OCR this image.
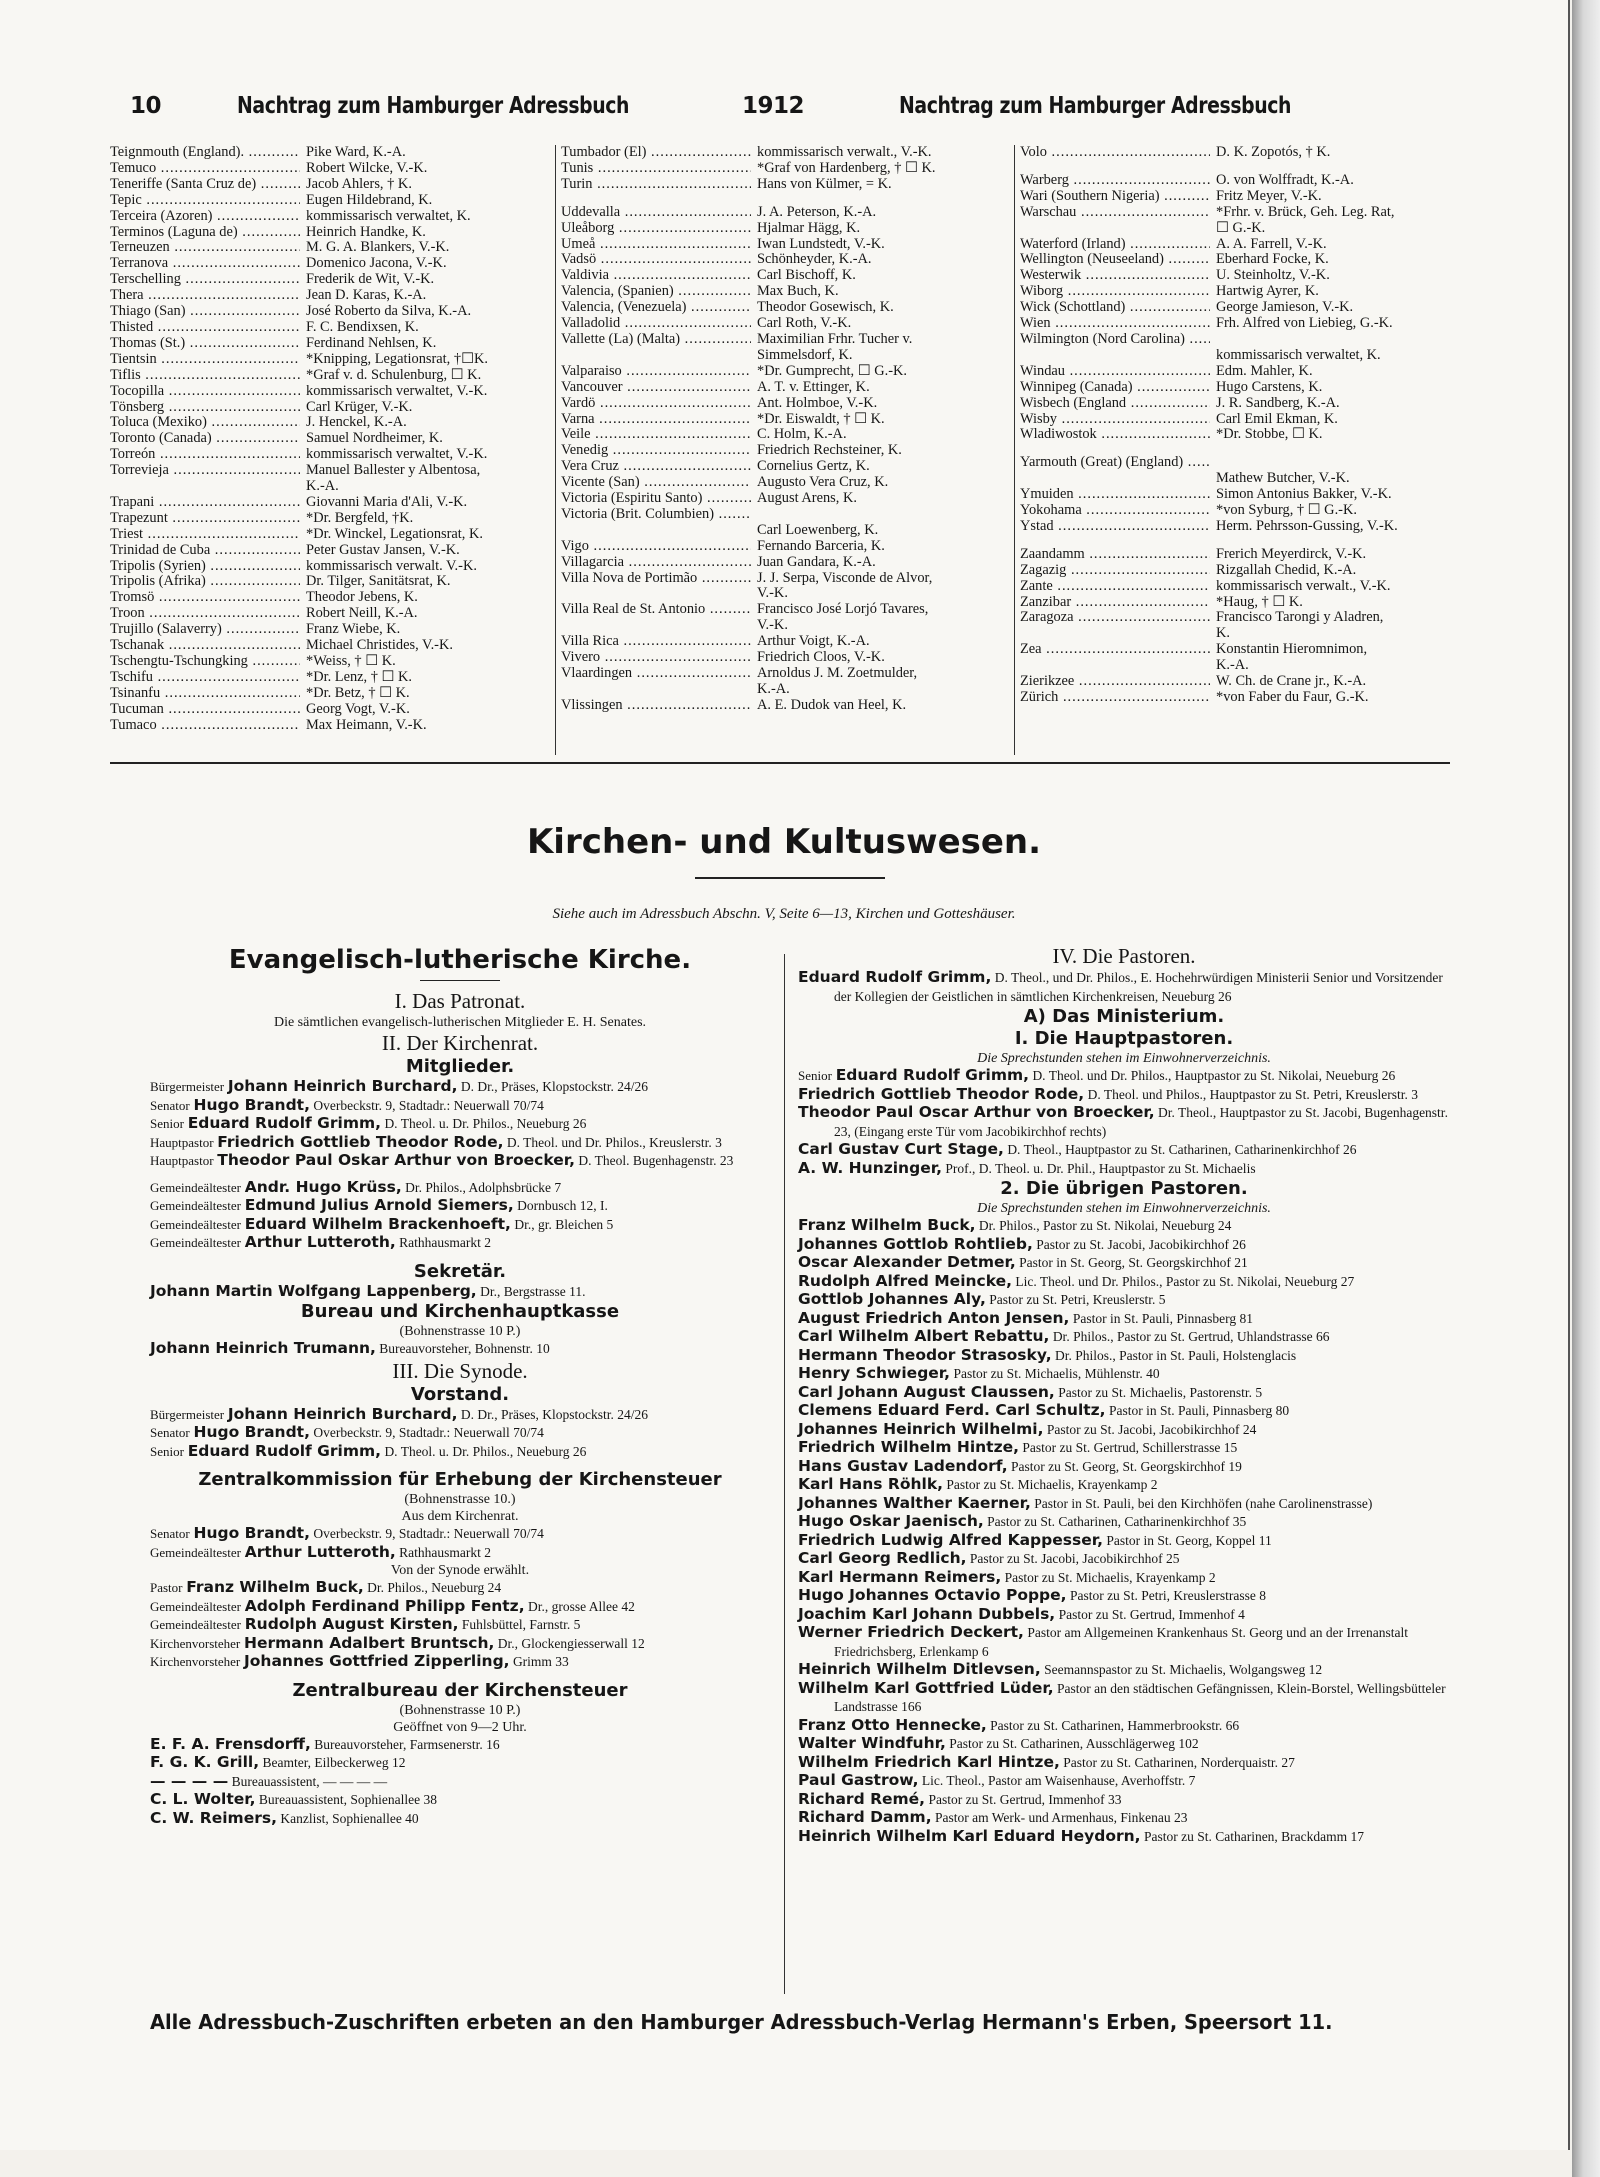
10	Nachtrag zum Hamburger Adressbuch	1912	Nachtrag zum Hamburger Adressbuch
Teignmouth (England). .....	Pike Ward, K.-A.
Temuco .....	Robert Wilcke, V.-K.
Teneriffe (Santa Cruz de) .....	Jacob Ahlers, † K.
Tepic .....	Eugen Hildebrand, K.
Terceira (Azoren) .....	kommissarisch verwaltet, K.
Terminos (Laguna de) .....	Heinrich Handke, K.
Terneuzen .....	M. G. A. Blankers, V.-K.
Terranova .....	Domenico Jacona, V.-K.
Terschelling .....	Frederik de Wit, V.-K.
Thera .....	Jean D. Karas, K.-A.
Thiago (San) .....	José Roberto da Silva, K.-A.
Thisted .....	F. C. Bendixsen, K.
Thomas (St.) .....	Ferdinand Nehlsen, K.
Tientsin .....	*Knipping, Legationsrat, †☐K.
Tiflis .....	*Graf v. d. Schulenburg, ☐ K.
Tocopilla .....	kommissarisch verwaltet, V.-K.
Tönsberg .....	Carl Krüger, V.-K.
Toluca (Mexiko) .....	J. Henckel, K.-A.
Toronto (Canada) .....	Samuel Nordheimer, K.
Torreón .....	kommissarisch verwaltet, V.-K.
Torrevieja .....	Manuel Ballester y Albentosa,
K.-A.
Trapani .....	Giovanni Maria d'Ali, V.-K.
Trapezunt .....	*Dr. Bergfeld, †K.
Triest .....	*Dr. Winckel, Legationsrat, K.
Trinidad de Cuba .....	Peter Gustav Jansen, V.-K.
Tripolis (Syrien) .....	kommissarisch verwalt. V.-K.
Tripolis (Afrika) .....	Dr. Tilger, Sanitätsrat, K.
Tromsö .....	Theodor Jebens, K.
Troon .....	Robert Neill, K.-A.
Trujillo (Salaverry) .....	Franz Wiebe, K.
Tschanak .....	Michael Christides, V.-K.
Tschengtu-Tschungking .....	*Weiss, † ☐ K.
Tschifu .....	*Dr. Lenz, † ☐ K.
Tsinanfu .....	*Dr. Betz, † ☐ K.
Tucuman .....	Georg Vogt, V.-K.
Tumaco .....	Max Heimann, V.-K.
Tumbador (El) .....	kommissarisch verwalt., V.-K.
Tunis .....	*Graf von Hardenberg, † ☐ K.
Turin .....	Hans von Külmer, = K.
Uddevalla .....	J. A. Peterson, K.-A.
Uleåborg .....	Hjalmar Hägg, K.
Umeå .....	Iwan Lundstedt, V.-K.
Vadsö .....	Schönheyder, K.-A.
Valdivia .....	Carl Bischoff, K.
Valencia, (Spanien) .....	Max Buch, K.
Valencia, (Venezuela) .....	Theodor Gosewisch, K.
Valladolid .....	Carl Roth, V.-K.
Vallette (La) (Malta) .....	Maximilian Frhr. Tucher v.
Simmelsdorf, K.
Valparaiso .....	*Dr. Gumprecht, ☐ G.-K.
Vancouver .....	A. T. v. Ettinger, K.
Vardö .....	Ant. Holmboe, V.-K.
Varna .....	*Dr. Eiswaldt, † ☐ K.
Veile .....	C. Holm, K.-A.
Venedig .....	Friedrich Rechsteiner, K.
Vera Cruz .....	Cornelius Gertz, K.
Vicente (San) .....	Augusto Vera Cruz, K.
Victoria (Espiritu Santo) .....	August Arens, K.
Victoria (Brit. Columbien) .....

Carl Loewenberg, K.
Vigo .....	Fernando Barceria, K.
Villagarcia .....	Juan Gandara, K.-A.
Villa Nova de Portimão .....	J. J. Serpa, Visconde de Alvor,
V.-K.
Villa Real de St. Antonio .....	Francisco José Lorjó Tavares,
V.-K.
Villa Rica .....	Arthur Voigt, K.-A.
Vivero .....	Friedrich Cloos, V.-K.
Vlaardingen .....	Arnoldus J. M. Zoetmulder,
K.-A.
Vlissingen .....	A. E. Dudok van Heel, K.
Volo .....	D. K. Zopotós, † K.
Warberg .....	O. von Wolffradt, K.-A.
Wari (Southern Nigeria) .....	Fritz Meyer, V.-K.
Warschau .....	*Frhr. v. Brück, Geh. Leg. Rat,
☐ G.-K.
Waterford (Irland) .....	A. A. Farrell, V.-K.
Wellington (Neuseeland) .....	Eberhard Focke, K.
Westerwik .....	U. Steinholtz, V.-K.
Wiborg .....	Hartwig Ayrer, K.
Wick (Schottland) .....	George Jamieson, V.-K.
Wien .....	Frh. Alfred von Liebieg, G.-K.
Wilmington (Nord Carolina) .....

kommissarisch verwaltet, K.
Windau .....	Edm. Mahler, K.
Winnipeg (Canada) .....	Hugo Carstens, K.
Wisbech (England .....	J. R. Sandberg, K.-A.
Wisby .....	Carl Emil Ekman, K.
Wladiwostok .....	*Dr. Stobbe, ☐ K.
Yarmouth (Great) (England) .....

Mathew Butcher, V.-K.
Ymuiden .....	Simon Antonius Bakker, V.-K.
Yokohama .....	*von Syburg, † ☐ G.-K.
Ystad .....	Herm. Pehrsson-Gussing, V.-K.
Zaandamm .....	Frerich Meyerdirck, V.-K.
Zagazig .....	Rizgallah Chedid, K.-A.
Zante .....	kommissarisch verwalt., V.-K.
Zanzibar .....	*Haug, † ☐ K.
Zaragoza .....	Francisco Tarongi y Aladren,
K.
Zea .....	Konstantin Hieromnimon,
K.-A.
Zierikzee .....	W. Ch. de Crane jr., K.-A.
Zürich .....	*von Faber du Faur, G.-K.
Kirchen- und Kultuswesen.
Siehe auch im Adressbuch Abschn. V, Seite 6—13, Kirchen und Gotteshäuser.
Evangelisch-lutherische Kirche.
I. Das Patronat.
Die sämtlichen evangelisch-lutherischen Mitglieder E. H. Senates.
II. Der Kirchenrat.
Mitglieder.
Bürgermeister Johann Heinrich Burchard, D. Dr., Präses, Klopstockstr. 24/26
Senator Hugo Brandt, Overbeckstr. 9, Stadtadr.: Neuerwall 70/74
Senior Eduard Rudolf Grimm, D. Theol. u. Dr. Philos., Neueburg 26
Hauptpastor Friedrich Gottlieb Theodor Rode, D. Theol. und Dr. Philos., Kreuslerstr. 3
Hauptpastor Theodor Paul Oskar Arthur von Broecker, D. Theol. Bugenhagenstr. 23
Gemeindeältester Andr. Hugo Krüss, Dr. Philos., Adolphsbrücke 7
Gemeindeältester Edmund Julius Arnold Siemers, Dornbusch 12, I.
Gemeindeältester Eduard Wilhelm Brackenhoeft, Dr., gr. Bleichen 5
Gemeindeältester Arthur Lutteroth, Rathhausmarkt 2
Sekretär.
Johann Martin Wolfgang Lappenberg, Dr., Bergstrasse 11.
Bureau und Kirchenhauptkasse
(Bohnenstrasse 10 P.)
Johann Heinrich Trumann, Bureauvorsteher, Bohnenstr. 10
III. Die Synode.
Vorstand.
Bürgermeister Johann Heinrich Burchard, D. Dr., Präses, Klopstockstr. 24/26
Senator Hugo Brandt, Overbeckstr. 9, Stadtadr.: Neuerwall 70/74
Senior Eduard Rudolf Grimm, D. Theol. u. Dr. Philos., Neueburg 26
Zentralkommission für Erhebung der Kirchensteuer
(Bohnenstrasse 10.)
Aus dem Kirchenrat.
Senator Hugo Brandt, Overbeckstr. 9, Stadtadr.: Neuerwall 70/74
Gemeindeältester Arthur Lutteroth, Rathhausmarkt 2
Von der Synode erwählt.
Pastor Franz Wilhelm Buck, Dr. Philos., Neueburg 24
Gemeindeältester Adolph Ferdinand Philipp Fentz, Dr., grosse Allee 42
Gemeindeältester Rudolph August Kirsten, Fuhlsbüttel, Farnstr. 5
Kirchenvorsteher Hermann Adalbert Bruntsch, Dr., Glockengiesserwall 12
Kirchenvorsteher Johannes Gottfried Zipperling, Grimm 33
Zentralbureau der Kirchensteuer
(Bohnenstrasse 10 P.)
Geöffnet von 9—2 Uhr.
E. F. A. Frensdorff, Bureauvorsteher, Farmsenerstr. 16
F. G. K. Grill, Beamter, Eilbeckerweg 12
— — — — Bureauassistent, — — — —
C. L. Wolter, Bureauassistent, Sophienallee 38
C. W. Reimers, Kanzlist, Sophienallee 40
IV. Die Pastoren.
Eduard Rudolf Grimm, D. Theol., und Dr. Philos., E. Hochehrwürdigen Ministerii Senior und Vorsitzender der Kollegien der Geistlichen in sämtlichen Kirchenkreisen, Neueburg 26
A) Das Ministerium.
I. Die Hauptpastoren.
Die Sprechstunden stehen im Einwohnerverzeichnis.
Senior Eduard Rudolf Grimm, D. Theol. und Dr. Philos., Hauptpastor zu St. Nikolai, Neueburg 26
Friedrich Gottlieb Theodor Rode, D. Theol. und Philos., Hauptpastor zu St. Petri, Kreuslerstr. 3
Theodor Paul Oscar Arthur von Broecker, Dr. Theol., Hauptpastor zu St. Jacobi, Bugenhagenstr. 23, (Eingang erste Tür vom Jacobikirchhof rechts)
Carl Gustav Curt Stage, D. Theol., Hauptpastor zu St. Catharinen, Catharinenkirchhof 26
A. W. Hunzinger, Prof., D. Theol. u. Dr. Phil., Hauptpastor zu St. Michaelis
2. Die übrigen Pastoren.
Die Sprechstunden stehen im Einwohnerverzeichnis.
Franz Wilhelm Buck, Dr. Philos., Pastor zu St. Nikolai, Neueburg 24
Johannes Gottlob Rohtlieb, Pastor zu St. Jacobi, Jacobikirchhof 26
Oscar Alexander Detmer, Pastor in St. Georg, St. Georgskirchhof 21
Rudolph Alfred Meincke, Lic. Theol. und Dr. Philos., Pastor zu St. Nikolai, Neueburg 27
Gottlob Johannes Aly, Pastor zu St. Petri, Kreuslerstr. 5
August Friedrich Anton Jensen, Pastor in St. Pauli, Pinnasberg 81
Carl Wilhelm Albert Rebattu, Dr. Philos., Pastor zu St. Gertrud, Uhlandstrasse 66
Hermann Theodor Strasosky, Dr. Philos., Pastor in St. Pauli, Holstenglacis
Henry Schwieger, Pastor zu St. Michaelis, Mühlenstr. 40
Carl Johann August Claussen, Pastor zu St. Michaelis, Pastorenstr. 5
Clemens Eduard Ferd. Carl Schultz, Pastor in St. Pauli, Pinnasberg 80
Johannes Heinrich Wilhelmi, Pastor zu St. Jacobi, Jacobikirchhof 24
Friedrich Wilhelm Hintze, Pastor zu St. Gertrud, Schillerstrasse 15
Hans Gustav Ladendorf, Pastor zu St. Georg, St. Georgskirchhof 19
Karl Hans Röhlk, Pastor zu St. Michaelis, Krayenkamp 2
Johannes Walther Kaerner, Pastor in St. Pauli, bei den Kirchhöfen (nahe Carolinenstrasse)
Hugo Oskar Jaenisch, Pastor zu St. Catharinen, Catharinenkirchhof 35
Friedrich Ludwig Alfred Kappesser, Pastor in St. Georg, Koppel 11
Carl Georg Redlich, Pastor zu St. Jacobi, Jacobikirchhof 25
Karl Hermann Reimers, Pastor zu St. Michaelis, Krayenkamp 2
Hugo Johannes Octavio Poppe, Pastor zu St. Petri, Kreuslerstrasse 8
Joachim Karl Johann Dubbels, Pastor zu St. Gertrud, Immenhof 4
Werner Friedrich Deckert, Pastor am Allgemeinen Krankenhaus St. Georg und an der Irrenanstalt Friedrichsberg, Erlenkamp 6
Heinrich Wilhelm Ditlevsen, Seemannspastor zu St. Michaelis, Wolgangsweg 12
Wilhelm Karl Gottfried Lüder, Pastor an den städtischen Gefängnissen, Klein-Borstel, Wellingsbütteler Landstrasse 166
Franz Otto Hennecke, Pastor zu St. Catharinen, Hammerbrookstr. 66
Walter Windfuhr, Pastor zu St. Catharinen, Ausschlägerweg 102
Wilhelm Friedrich Karl Hintze, Pastor zu St. Catharinen, Norderquaistr. 27
Paul Gastrow, Lic. Theol., Pastor am Waisenhause, Averhoffstr. 7
Richard Remé, Pastor zu St. Gertrud, Immenhof 33
Richard Damm, Pastor am Werk- und Armenhaus, Finkenau 23
Heinrich Wilhelm Karl Eduard Heydorn, Pastor zu St. Catharinen, Brackdamm 17
Alle Adressbuch-Zuschriften erbeten an den Hamburger Adressbuch-Verlag Hermann's Erben, Speersort 11.
